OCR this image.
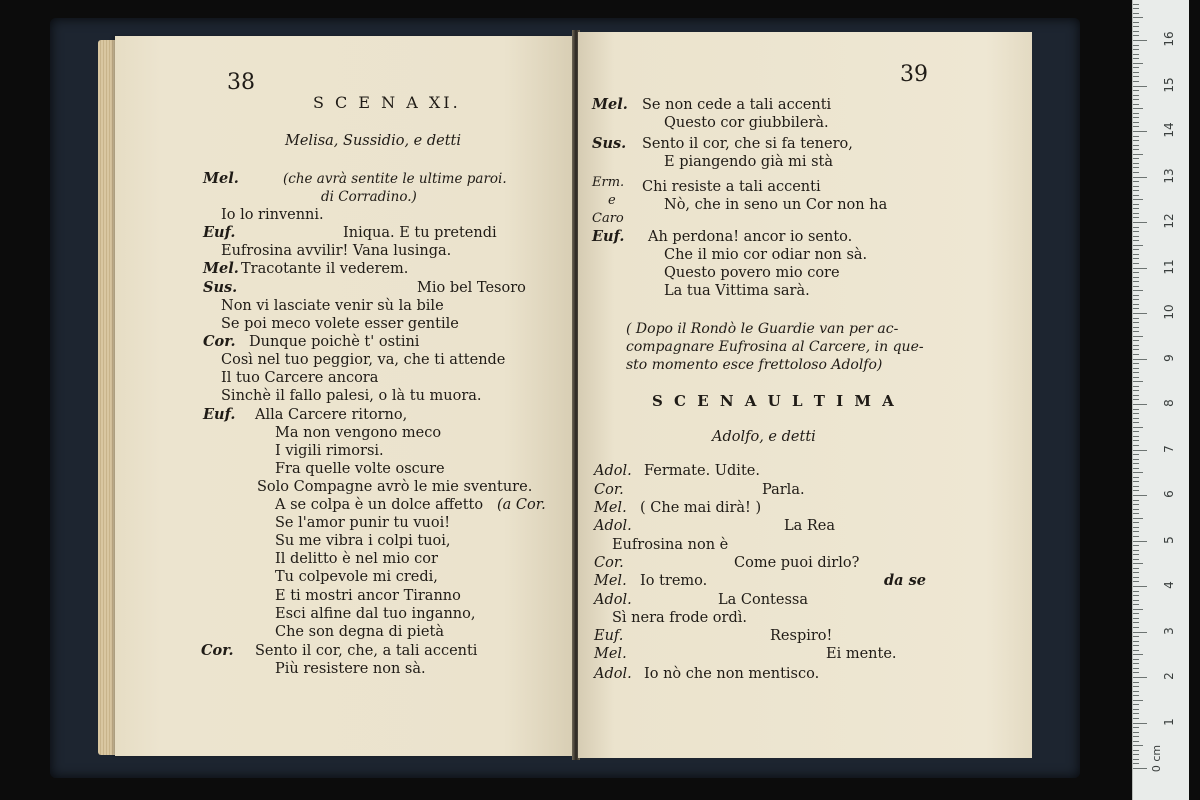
38
S C E N A XI.
Melisa, Sussidio, e detti
Mel.	(che avrà sentite le ultime paroi.
di Corradino.)
Io lo rinvenni.
Euf.	Iniqua. E tu pretendi
Eufrosina avvilir! Vana lusinga.
Mel. Tracotante il vederem.
Sus.	Mio bel Tesoro
Non vi lasciate venir sù la bile
Se poi meco volete esser gentile
Cor. Dunque poichè t' ostini
Così nel tuo peggior, va, che ti attende
Il tuo Carcere ancora
Sinchè il fallo palesi, o là tu muora.
Euf. Alla Carcere ritorno,
Ma non vengono meco
I vigili rimorsi.
Fra quelle volte oscure
Solo Compagne avrò le mie sventure.
A se colpa è un dolce affetto (a Cor.
Se l'amor punir tu vuoi!
Su me vibra i colpi tuoi,
Il delitto è nel mio cor
Tu colpevole mi credi,
E ti mostri ancor Tiranno
Esci alfine dal tuo inganno,
Che son degna di pietà
Cor. Sento il cor, che, a tali accenti
Più resistere non sà.
39
Mel. Se non cede a tali accenti
Questo cor giubbilerà.
Sus. Sento il cor, che si fa tenero,
E piangendo già mi stà
Erm. Chi resiste a tali accenti
e	Nò, che in seno un Cor non ha
Caro
Euf. Ah perdona! ancor io sento.
Che il mio cor odiar non sà.
Questo povero mio core
La tua Vittima sarà.
( Dopo il Rondò le Guardie van per ac-
compagnare Eufrosina al Carcere, in que-
sto momento esce frettoloso Adolfo)
S C E N A U L T I M A
Adolfo, e detti
Adol. Fermate. Udite.
Cor.	Parla.
Mel. ( Che mai dirà! )
Adol.	La Rea
Eufrosina non è
Cor.	Come puoi dirlo?
Mel. Io tremo.	da se
Adol.	La Contessa
Sì nera frode ordì.
Euf.	Respiro!
Mel.	Ei mente.
Adol. Io nò che non mentisco.
0 cm
1
2
3
4
5
6
7
8
9
10
11
12
13
14
15
16
